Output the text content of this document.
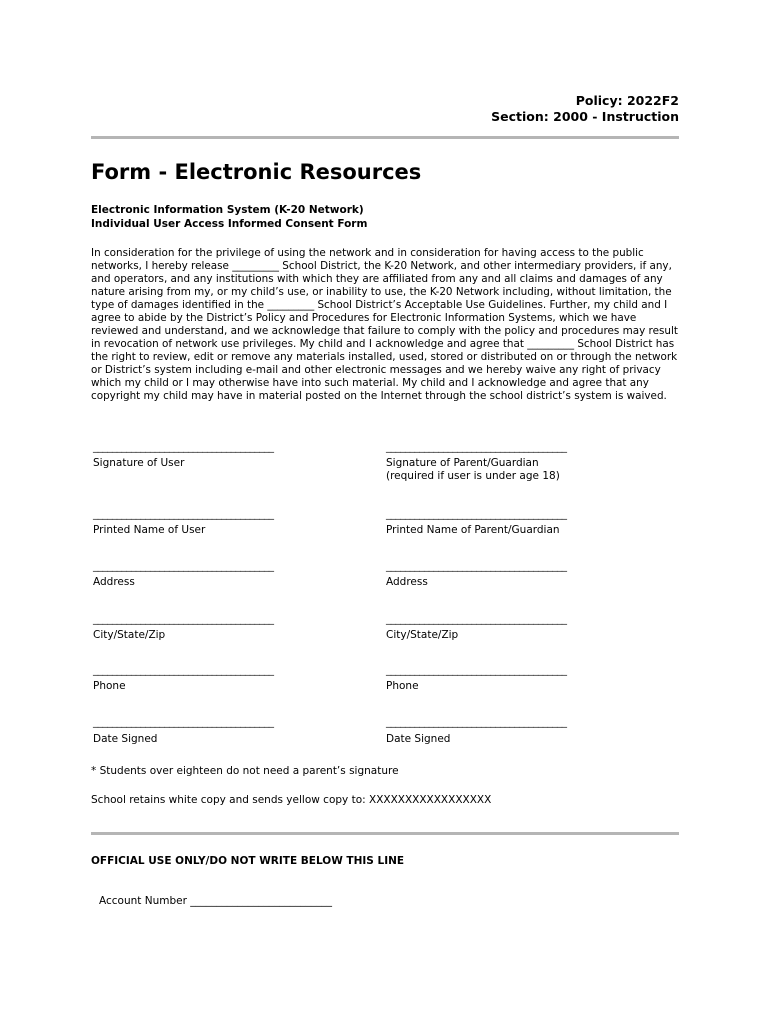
Policy: 2022F2
Section: 2000 - Instruction
Form - Electronic Resources
Electronic Information System (K-20 Network)
Individual User Access Informed Consent Form
In consideration for the privilege of using the network and in consideration for having access to the public networks, I hereby release _________ School District, the K-20 Network, and other intermediary providers, if any, and operators, and any institutions with which they are affiliated from any and all claims and damages of any nature arising from my, or my child’s use, or inability to use, the K-20 Network including, without limitation, the type of damages identified in the _________ School District’s Acceptable Use Guidelines. Further, my child and I agree to abide by the District’s Policy and Procedures for Electronic Information Systems, which we have reviewed and understand, and we acknowledge that failure to comply with the policy and procedures may result in revocation of network use privileges. My child and I acknowledge and agree that _________ School District has the right to review, edit or remove any materials installed, used, stored or distributed on or through the network or District’s system including e-mail and other electronic messages and we hereby waive any right of privacy which my child or I may otherwise have into such material. My child and I acknowledge and agree that any copyright my child may have in material posted on the Internet through the school district’s system is waived.
______________________________________	______________________________________
Signature of User	Signature of Parent/Guardian
(required if user is under age 18)
______________________________________	______________________________________
Printed Name of User	Printed Name of Parent/Guardian
______________________________________	______________________________________
Address	Address
______________________________________	______________________________________
City/State/Zip	City/State/Zip
______________________________________	______________________________________
Phone	Phone
______________________________________	______________________________________
Date Signed	Date Signed
* Students over eighteen do not need a parent’s signature
School retains white copy and sends yellow copy to: XXXXXXXXXXXXXXXXX
OFFICIAL USE ONLY/DO NOT WRITE BELOW THIS LINE
Account Number ___________________________
